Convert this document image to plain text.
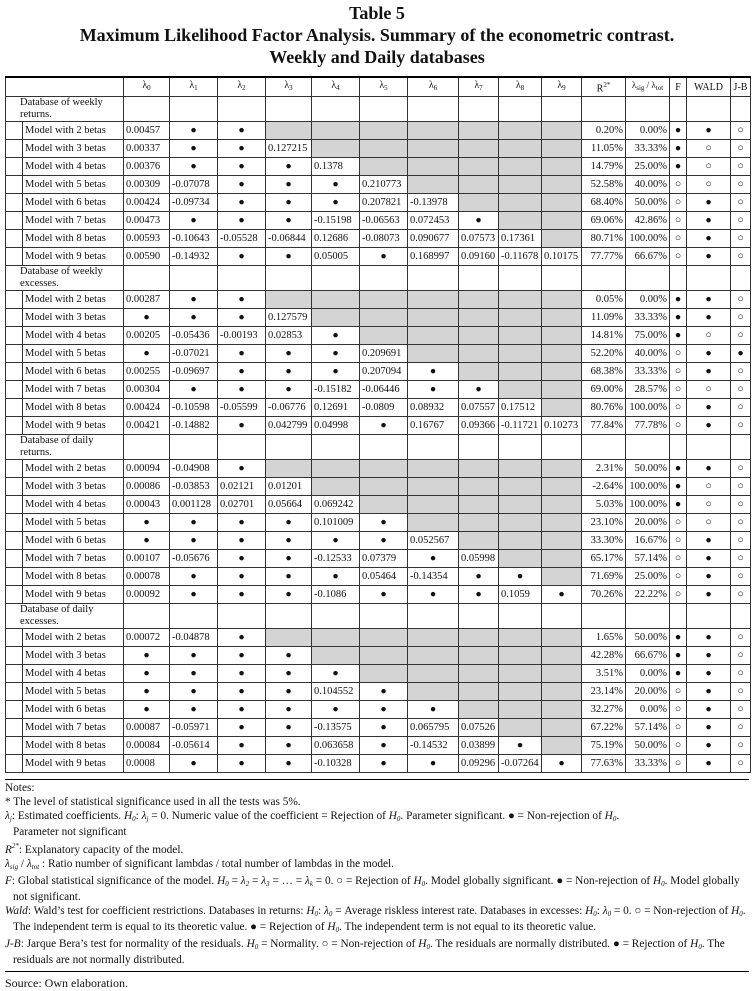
Table 5
Maximum Likelihood Factor Analysis. Summary of the econometric contrast.
Weekly and Daily databases
		$\lambda_0$	$\lambda_1$	$\lambda_2$	$\lambda_3$	$\lambda_4$	$\lambda_5$	$\lambda_6$	$\lambda_7$	$\lambda_8$	$\lambda_9$	$R^{2*}$	$\lambda_{sig} / \lambda_{tot}$	F	WALD	J-B
Database of weekly returns.																
	Model with 2 betas	0.00457	●	●								0.20%	0.00%	●	●	○
	Model with 3 betas	0.00337	●	●	0.127215							11.05%	33.33%	●	○	○
	Model with 4 betas	0.00376	●	●	●	0.1378						14.79%	25.00%	●	○	○
	Model with 5 betas	0.00309	-0.07078	●	●	●	0.210773					52.58%	40.00%	○	○	○
	Model with 6 betas	0.00424	-0.09734	●	●	●	0.207821	-0.13978				68.40%	50.00%	○	●	○
	Model with 7 betas	0.00473	●	●	●	-0.15198	-0.06563	0.072453	●			69.06%	42.86%	○	●	○
	Model with 8 betas	0.00593	-0.10643	-0.05528	-0.06844	0.12686	-0.08073	0.090677	0.07573	0.17361		80.71%	100.00%	○	●	○
	Model with 9 betas	0.00590	-0.14932	●	●	0.05005	●	0.168997	0.09160	-0.11678	0.10175	77.77%	66.67%	○	●	○
Database of weekly excesses.																
	Model with 2 betas	0.00287	●	●								0.05%	0.00%	●	●	○
	Model with 3 betas	●	●	●	0.127579							11.09%	33.33%	●	●	○
	Model with 4 betas	0.00205	-0.05436	-0.00193	0.02853	●						14.81%	75.00%	●	○	○
	Model with 5 betas	●	-0.07021	●	●	●	0.209691					52.20%	40.00%	○	●	●
	Model with 6 betas	0.00255	-0.09697	●	●	●	0.207094	●				68.38%	33.33%	○	●	○
	Model with 7 betas	0.00304	●	●	●	-0.15182	-0.06446	●	●			69.00%	28.57%	○	○	○
	Model with 8 betas	0.00424	-0.10598	-0.05599	-0.06776	0.12691	-0.0809	0.08932	0.07557	0.17512		80.76%	100.00%	○	●	○
	Model with 9 betas	0.00421	-0.14882	●	0.042799	0.04998	●	0.16767	0.09366	-0.11721	0.10273	77.84%	77.78%	○	●	○
Database of daily returns.																
	Model with 2 betas	0.00094	-0.04908	●								2.31%	50.00%	●	●	○
	Model with 3 betas	0.00086	-0.03853	0.02121	0.01201							-2.64%	100.00%	●	○	○
	Model with 4 betas	0.00043	0.001128	0.02701	0.05664	0.069242						5.03%	100.00%	●	○	○
	Model with 5 betas	●	●	●	●	0.101009	●					23.10%	20.00%	○	○	○
	Model with 6 betas	●	●	●	●	●	●	0.052567				33.30%	16.67%	○	●	○
	Model with 7 betas	0.00107	-0.05676	●	●	-0.12533	0.07379	●	0.05998			65.17%	57.14%	○	●	○
	Model with 8 betas	0.00078	●	●	●	●	0.05464	-0.14354	●	●		71.69%	25.00%	○	●	○
	Model with 9 betas	0.00092	●	●	●	-0.1086	●	●	●	0.1059	●	70.26%	22.22%	○	●	○
Database of daily excesses.																
	Model with 2 betas	0.00072	-0.04878	●								1.65%	50.00%	●	●	○
	Model with 3 betas	●	●	●	●							42.28%	66.67%	●	●	○
	Model with 4 betas	●	●	●	●	●						3.51%	0.00%	●	●	○
	Model with 5 betas	●	●	●	●	0.104552	●					23.14%	20.00%	○	●	○
	Model with 6 betas	●	●	●	●	●	●	●				32.27%	0.00%	○	●	○
	Model with 7 betas	0.00087	-0.05971	●	●	-0.13575	●	0.065795	0.07526			67.22%	57.14%	○	●	○
	Model with 8 betas	0.00084	-0.05614	●	●	0.063658	●	-0.14532	0.03899	●		75.19%	50.00%	○	●	○
	Model with 9 betas	0.0008	●	●	●	-0.10328	●	●	0.09296	-0.07264	●	77.63%	33.33%	○	●	○

Notes:

* The level of statistical significance used in all the tests was 5%.

$\lambda_j$: Estimated coefficients. $H_0$: $\lambda_j = 0$. Numeric value of the coefficient = Rejection of $H_0$. Parameter significant. ● = Non-rejection of $H_0$.
Parameter not significant

$R^{2*}$: Explanatory capacity of the model.

$\lambda_{sig} / \lambda_{tot}$ : Ratio number of significant lambdas / total number of lambdas in the model.

F: Global statistical significance of the model. $H_0 = \lambda_2 = \lambda_3$ = … = $\lambda_k = 0$. ○ = Rejection of $H_0$. Model globally significant. ● = Non-rejection of $H_0$. Model globally not significant.

Wald: Wald’s test for coefficient restrictions. Databases in returns: $H_0$: $\lambda_0$ = Average riskless interest rate. Databases in excesses: $H_0$: $\lambda_0 = 0$. ○ = Non-rejection of $H_0$. The independent term is equal to its theoretic value. ● = Rejection of $H_0$. The independent term is not equal to its theoretic value.

J-B: Jarque Bera’s test for normality of the residuals. $H_0$ = Normality. ○ = Non-rejection of $H_0$. The residuals are normally distributed. ● = Rejection of $H_0$. The residuals are not normally distributed.

Source: Own elaboration.
